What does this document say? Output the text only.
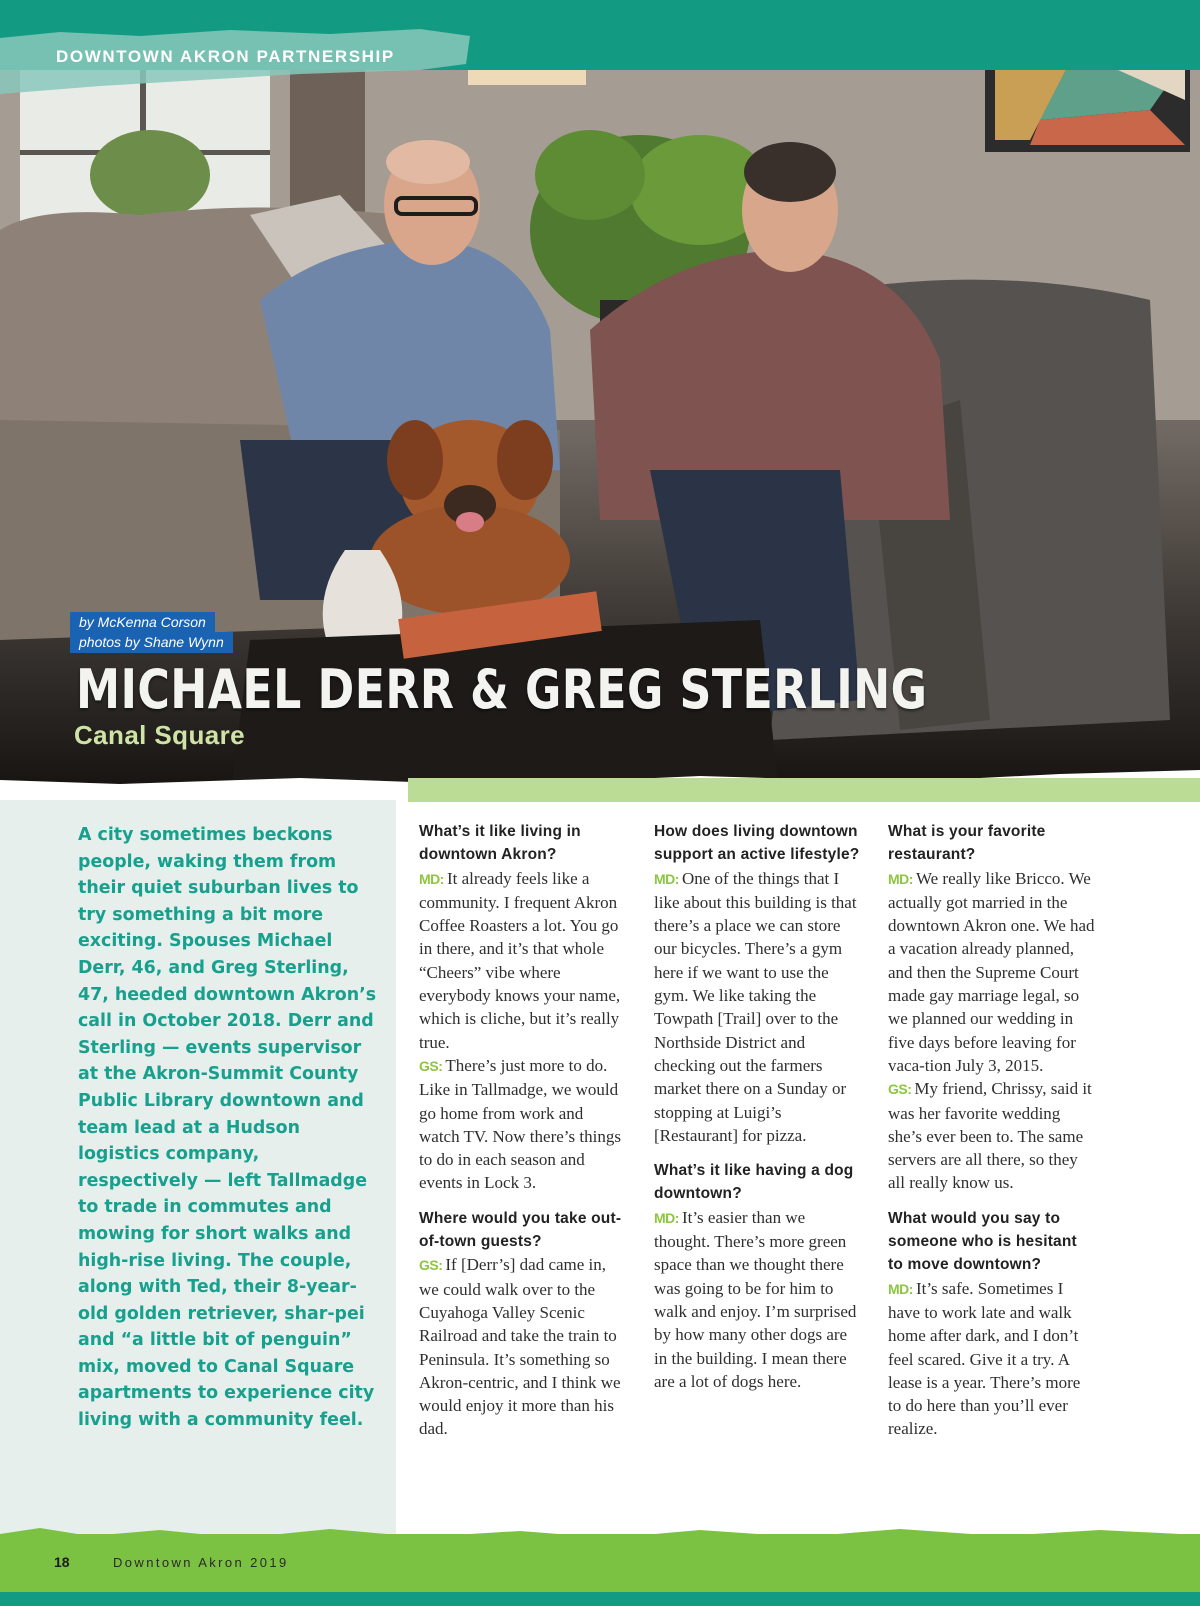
DOWNTOWN AKRON PARTNERSHIP
by McKenna Corson
photos by Shane Wynn
MICHAEL DERR & GREG STERLING
Canal Square
A city sometimes beckons people, waking them from their quiet suburban lives to try something a bit more exciting. Spouses Michael Derr, 46, and Greg Sterling, 47, heeded downtown Akron’s call in October 2018. Derr and Sterling — events supervisor at the Akron-Summit County Public Library downtown and team lead at a Hudson logistics company, respectively — left Tallmadge to trade in commutes and mowing for short walks and high-rise living. The couple, along with Ted, their 8-year-old golden retriever, shar-pei and “a little bit of penguin” mix, moved to Canal Square apartments to experience city living with a community feel.
What’s it like living in downtown Akron?
MD: It already feels like a community. I frequent Akron Coffee Roasters a lot. You go in there, and it’s that whole “Cheers” vibe where everybody knows your name, which is cliche, but it’s really true.
GS: There’s just more to do. Like in Tallmadge, we would go home from work and watch TV. Now there’s things to do in each season and events in Lock 3.
Where would you take out-of-town guests?
GS: If [Derr’s] dad came in, we could walk over to the Cuyahoga Valley Scenic Railroad and take the train to Peninsula. It’s something so Akron-centric, and I think we would enjoy it more than his dad.
How does living downtown support an active lifestyle?
MD: One of the things that I like about this building is that there’s a place we can store our bicycles. There’s a gym here if we want to use the gym. We like taking the Towpath [Trail] over to the Northside District and checking out the farmers market there on a Sunday or stopping at Luigi’s [Restaurant] for pizza.
What’s it like having a dog downtown?
MD: It’s easier than we thought. There’s more green space than we thought there was going to be for him to walk and enjoy. I’m surprised by how many other dogs are in the building. I mean there are a lot of dogs here.
What is your favorite restaurant?
MD: We really like Bricco. We actually got married in the downtown Akron one. We had a vacation already planned, and then the Supreme Court made gay marriage legal, so we planned our wedding in five days before leaving for vaca-tion July 3, 2015.
GS: My friend, Chrissy, said it was her favorite wedding she’s ever been to. The same servers are all there, so they all really know us.
What would you say to someone who is hesitant to move downtown?
MD: It’s safe. Sometimes I have to work late and walk home after dark, and I don’t feel scared. Give it a try. A lease is a year. There’s more to do here than you’ll ever realize.
18	Downtown Akron 2019
